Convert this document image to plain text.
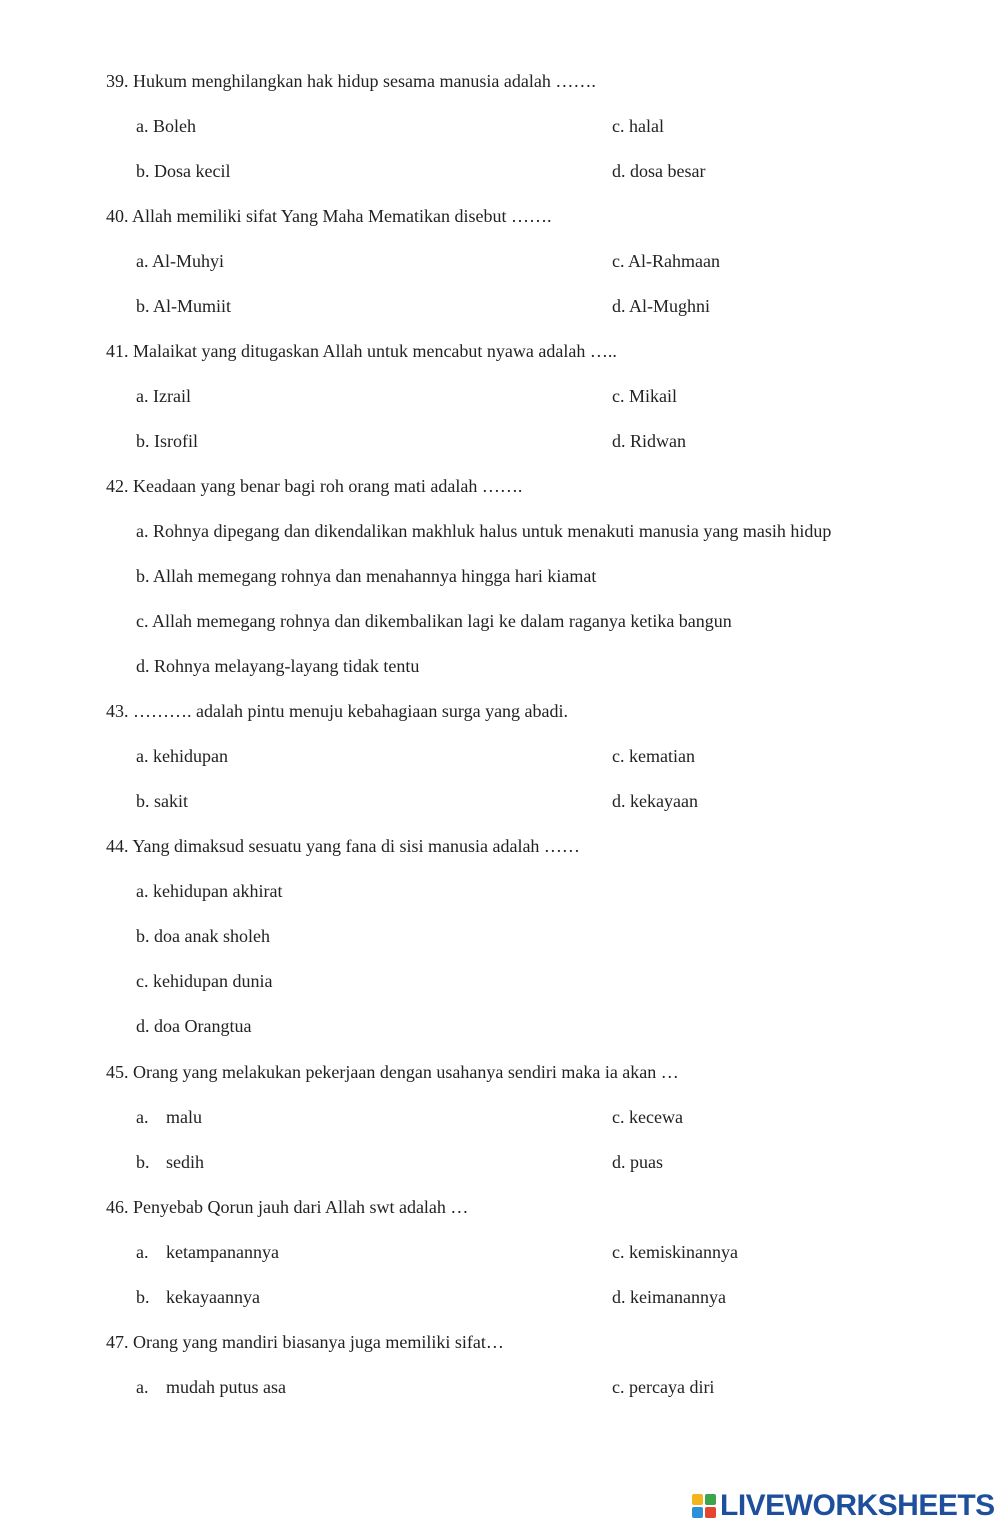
39. Hukum menghilangkan hak hidup sesama manusia adalah …….
a. Boleh	c. halal
b. Dosa kecil	d. dosa besar
40. Allah memiliki sifat Yang Maha Mematikan disebut …….
a. Al-Muhyi	c. Al-Rahmaan
b. Al-Mumiit	d. Al-Mughni
41. Malaikat yang ditugaskan Allah untuk mencabut nyawa adalah …..
a. Izrail	c. Mikail
b. Isrofil	d. Ridwan
42. Keadaan yang benar bagi roh orang mati adalah …….
a. Rohnya dipegang dan dikendalikan makhluk halus untuk menakuti manusia yang masih hidup
b. Allah memegang rohnya dan menahannya hingga hari kiamat
c. Allah memegang rohnya dan dikembalikan lagi ke dalam raganya ketika bangun
d. Rohnya melayang-layang tidak tentu
43. ………. adalah pintu menuju kebahagiaan surga yang abadi.
a. kehidupan	c. kematian
b. sakit	d. kekayaan
44. Yang dimaksud sesuatu yang fana di sisi manusia adalah ……
a. kehidupan akhirat
b. doa anak sholeh
c. kehidupan dunia
d. doa Orangtua
45. Orang yang melakukan pekerjaan dengan usahanya sendiri maka ia akan …
a. malu	c. kecewa
b. sedih	d. puas
46. Penyebab Qorun jauh dari Allah swt adalah …
a. ketampanannya	c. kemiskinannya
b. kekayaannya	d. keimanannya
47. Orang yang mandiri biasanya juga memiliki sifat…
a. mudah putus asa	c. percaya diri
LIVEWORKSHEETS
